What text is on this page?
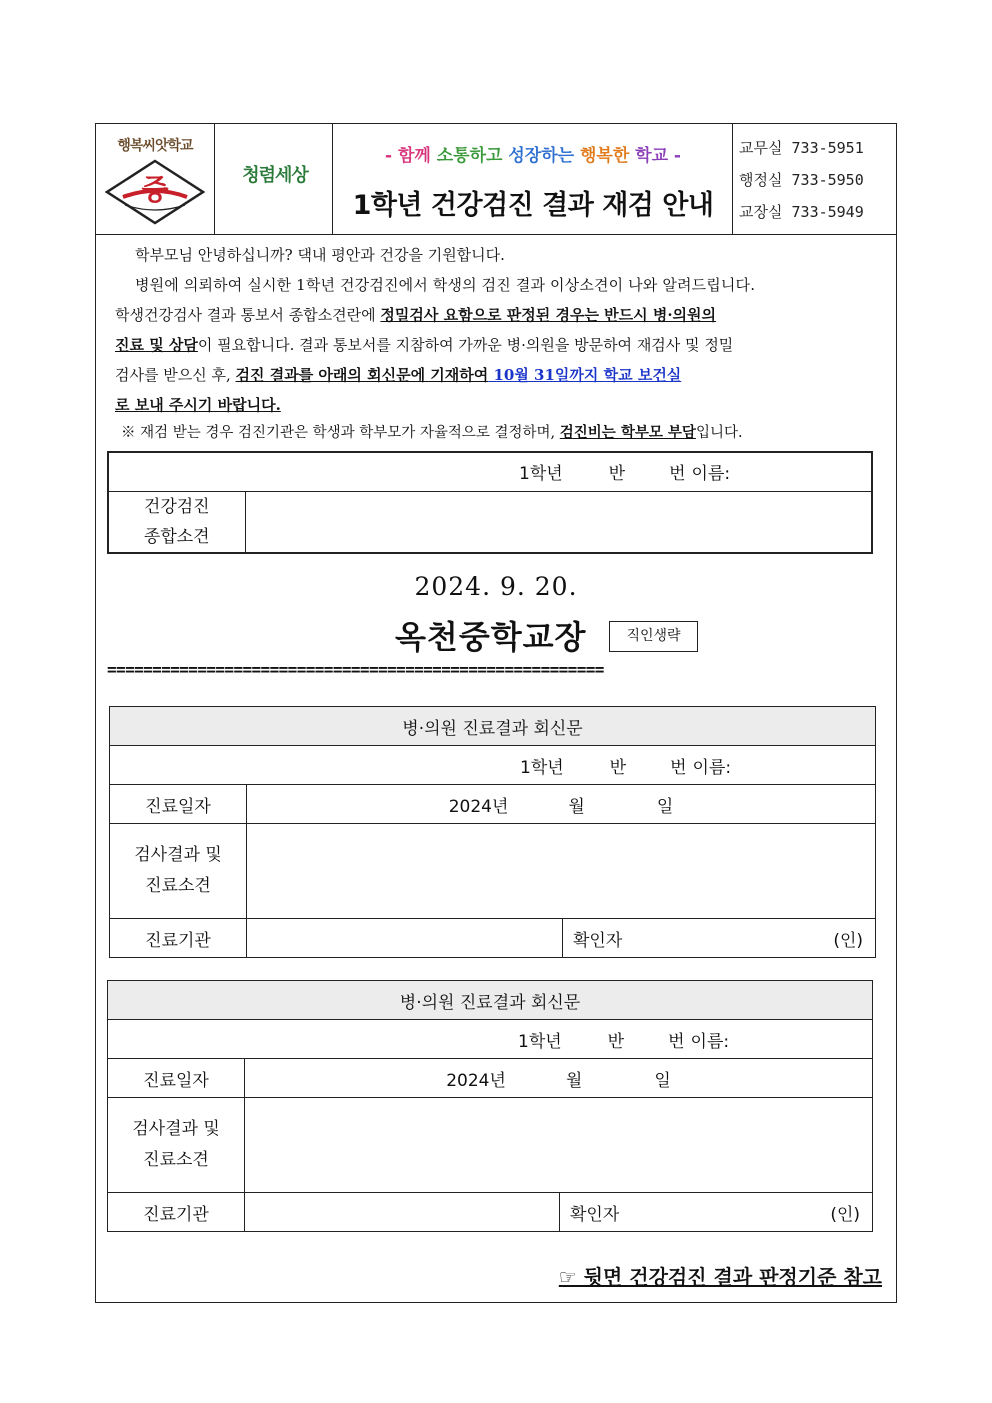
행복씨앗학교
중	청렴세상
- 함께 소통하고 성장하는 행복한 학교 -
1학년 건강검진 결과 재검 안내
교무실 733-5951
행정실 733-5950
교장실 733-5949
학부모님 안녕하십니까? 댁내 평안과 건강을 기원합니다.
병원에 의뢰하여 실시한 1학년 건강검진에서 학생의 검진 결과 이상소견이 나와 알려드립니다.
학생건강검사 결과 통보서 종합소견란에 정밀검사 요함으로 판정된 경우는 반드시 병·의원의
진료 및 상담이 필요합니다. 결과 통보서를 지참하여 가까운 병·의원을 방문하여 재검사 및 정밀
검사를 받으신 후, 검진 결과를 아래의 회신문에 기재하여 10월 31일까지 학교 보건실
로 보내 주시기 바랍니다.
※ 재검 받는 경우 검진기관은 학생과 학부모가 자율적으로 결정하며, 검진비는 학부모 부담입니다.
1학년	반	번 이름:

건강검진
종합소견

2024. 9. 20.
옥천중학교장	직인생략
=======================================================
병·의원 진료결과 회신문			
1학년 반 번 이름:			
진료일자	2024년 월 일		

검사결과 및
진료소견			

진료기관		확인자	(인)
병·의원 진료결과 회신문			
1학년 반 번 이름:			
진료일자	2024년 월 일		

검사결과 및
진료소견			

진료기관		확인자	(인)
☞ 뒷면 건강검진 결과 판정기준 참고
